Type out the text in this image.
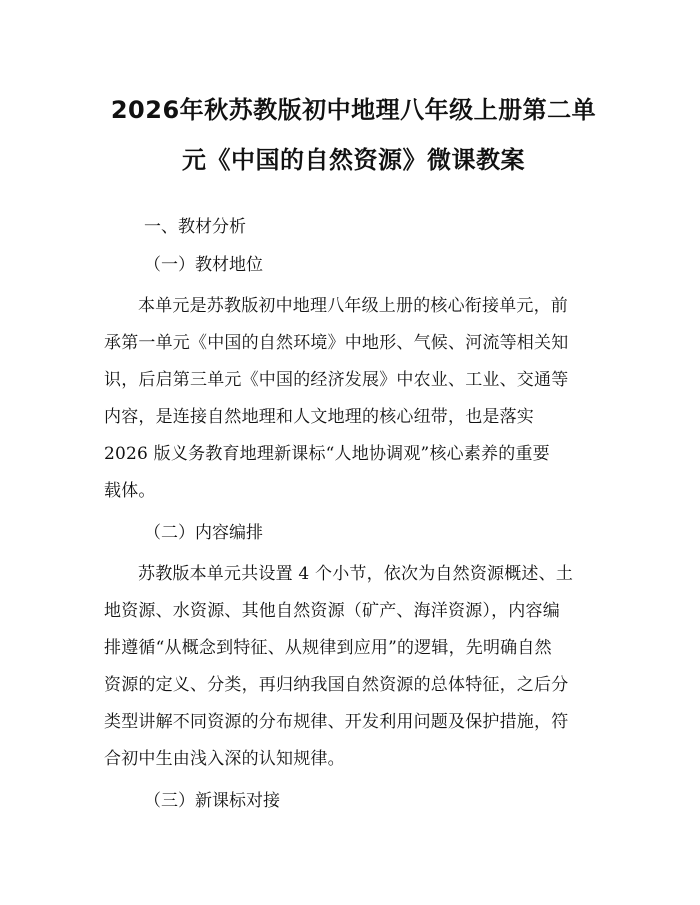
2026年秋苏教版初中地理八年级上册第二单
元《中国的自然资源》微课教案
一、教材分析
（一）教材地位
本单元是苏教版初中地理八年级上册的核心衔接单元，前
承第一单元《中国的自然环境》中地形、气候、河流等相关知
识，后启第三单元《中国的经济发展》中农业、工业、交通等
内容，是连接自然地理和人文地理的核心纽带，也是落实
2026 版义务教育地理新课标“人地协调观”核心素养的重要
载体。
（二）内容编排
苏教版本单元共设置 4 个小节，依次为自然资源概述、土
地资源、水资源、其他自然资源（矿产、海洋资源），内容编
排遵循“从概念到特征、从规律到应用”的逻辑，先明确自然
资源的定义、分类，再归纳我国自然资源的总体特征，之后分
类型讲解不同资源的分布规律、开发利用问题及保护措施，符
合初中生由浅入深的认知规律。
（三）新课标对接
